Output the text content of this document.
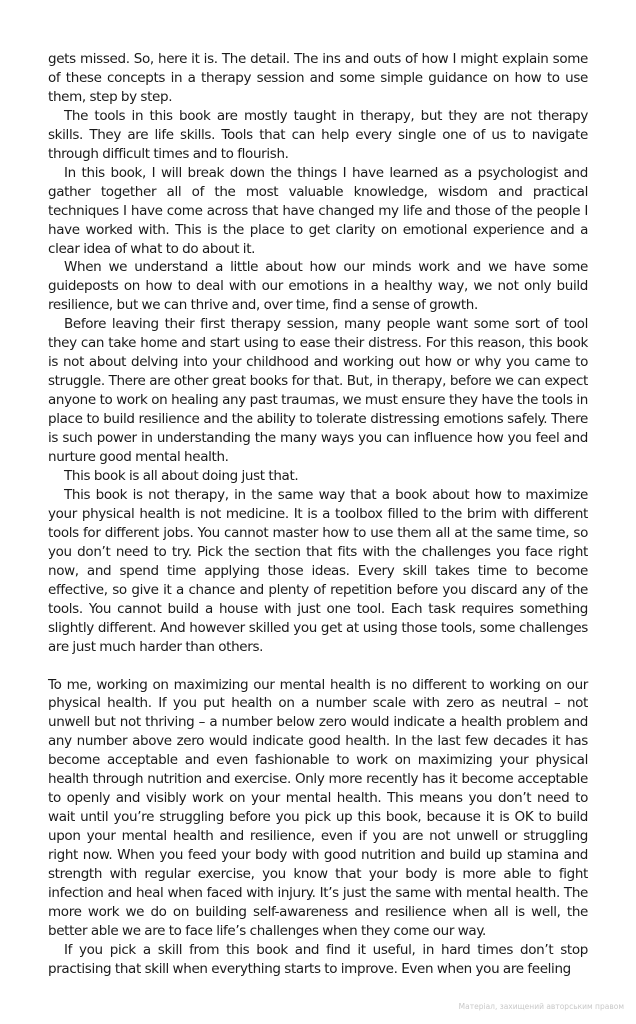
gets missed. So, here it is. The detail. The ins and outs of how I might explain some of these concepts in a therapy session and some simple guidance on how to use them, step by step.

The tools in this book are mostly taught in therapy, but they are not therapy skills. They are life skills. Tools that can help every single one of us to navigate through difficult times and to flourish.

In this book, I will break down the things I have learned as a psychologist and gather together all of the most valuable knowledge, wisdom and practical techniques I have come across that have changed my life and those of the people I have worked with. This is the place to get clarity on emotional experience and a clear idea of what to do about it.

When we understand a little about how our minds work and we have some guideposts on how to deal with our emotions in a healthy way, we not only build resilience, but we can thrive and, over time, find a sense of growth.

Before leaving their first therapy session, many people want some sort of tool they can take home and start using to ease their distress. For this reason, this book is not about delving into your childhood and working out how or why you came to struggle. There are other great books for that. But, in therapy, before we can expect anyone to work on healing any past traumas, we must ensure they have the tools in place to build resilience and the ability to tolerate distressing emotions safely. There is such power in understanding the many ways you can influence how you feel and nurture good mental health.

This book is all about doing just that.

This book is not therapy, in the same way that a book about how to maximize your physical health is not medicine. It is a toolbox filled to the brim with different tools for different jobs. You cannot master how to use them all at the same time, so you don’t need to try. Pick the section that fits with the challenges you face right now, and spend time applying those ideas. Every skill takes time to become effective, so give it a chance and plenty of repetition before you discard any of the tools. You cannot build a house with just one tool. Each task requires something slightly different. And however skilled you get at using those tools, some challenges are just much harder than others.

To me, working on maximizing our mental health is no different to working on our physical health. If you put health on a number scale with zero as neutral – not unwell but not thriving – a number below zero would indicate a health problem and any number above zero would indicate good health. In the last few decades it has become acceptable and even fashionable to work on maximizing your physical health through nutrition and exercise. Only more recently has it become acceptable to openly and visibly work on your mental health. This means you don’t need to wait until you’re struggling before you pick up this book, because it is OK to build upon your mental health and resilience, even if you are not unwell or struggling right now. When you feed your body with good nutrition and build up stamina and strength with regular exercise, you know that your body is more able to fight infection and heal when faced with injury. It’s just the same with mental health. The more work we do on building self-awareness and resilience when all is well, the better able we are to face life’s challenges when they come our way.

If you pick a skill from this book and find it useful, in hard times don’t stop practising that skill when everything starts to improve. Even when you are feeling

Матеріал, захищений авторським правом
